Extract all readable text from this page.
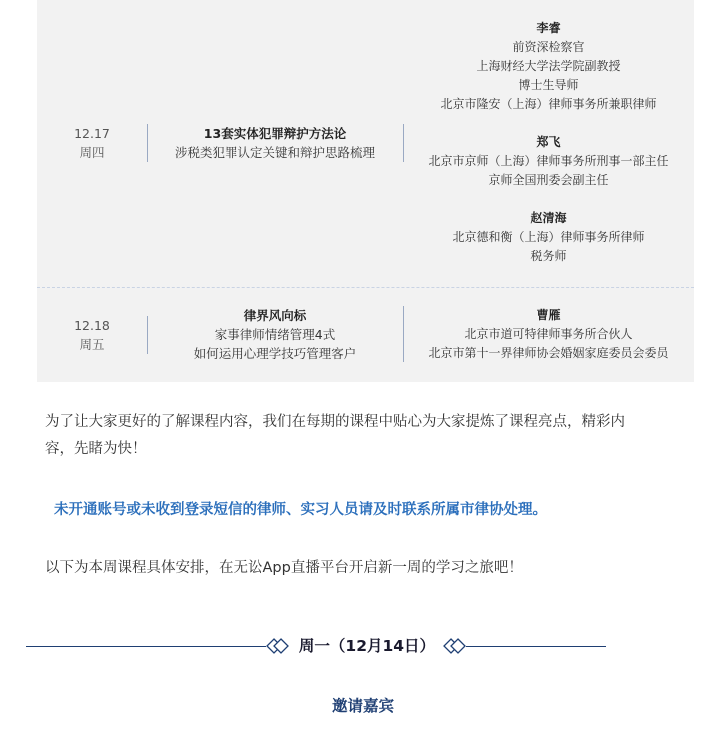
12.17
周四
13套实体犯罪辩护方法论
涉税类犯罪认定关键和辩护思路梳理
李睿
前资深检察官
上海财经大学法学院副教授
博士生导师
北京市隆安（上海）律师事务所兼职律师
郑飞
北京市京师（上海）律师事务所刑事一部主任
京师全国刑委会副主任
赵清海
北京德和衡（上海）律师事务所律师
税务师
12.18
周五
律界风向标
家事律师情绪管理4式
如何运用心理学技巧管理客户
曹雁
北京市道可特律师事务所合伙人
北京市第十一界律师协会婚姻家庭委员会委员
为了让大家更好的了解课程内容，我们在每期的课程中贴心为大家提炼了课程亮点，精彩内
容，先睹为快！
未开通账号或未收到登录短信的律师、实习人员请及时联系所属市律协处理。
以下为本周课程具体安排，在无讼App直播平台开启新一周的学习之旅吧！
周一（12月14日）
邀请嘉宾
